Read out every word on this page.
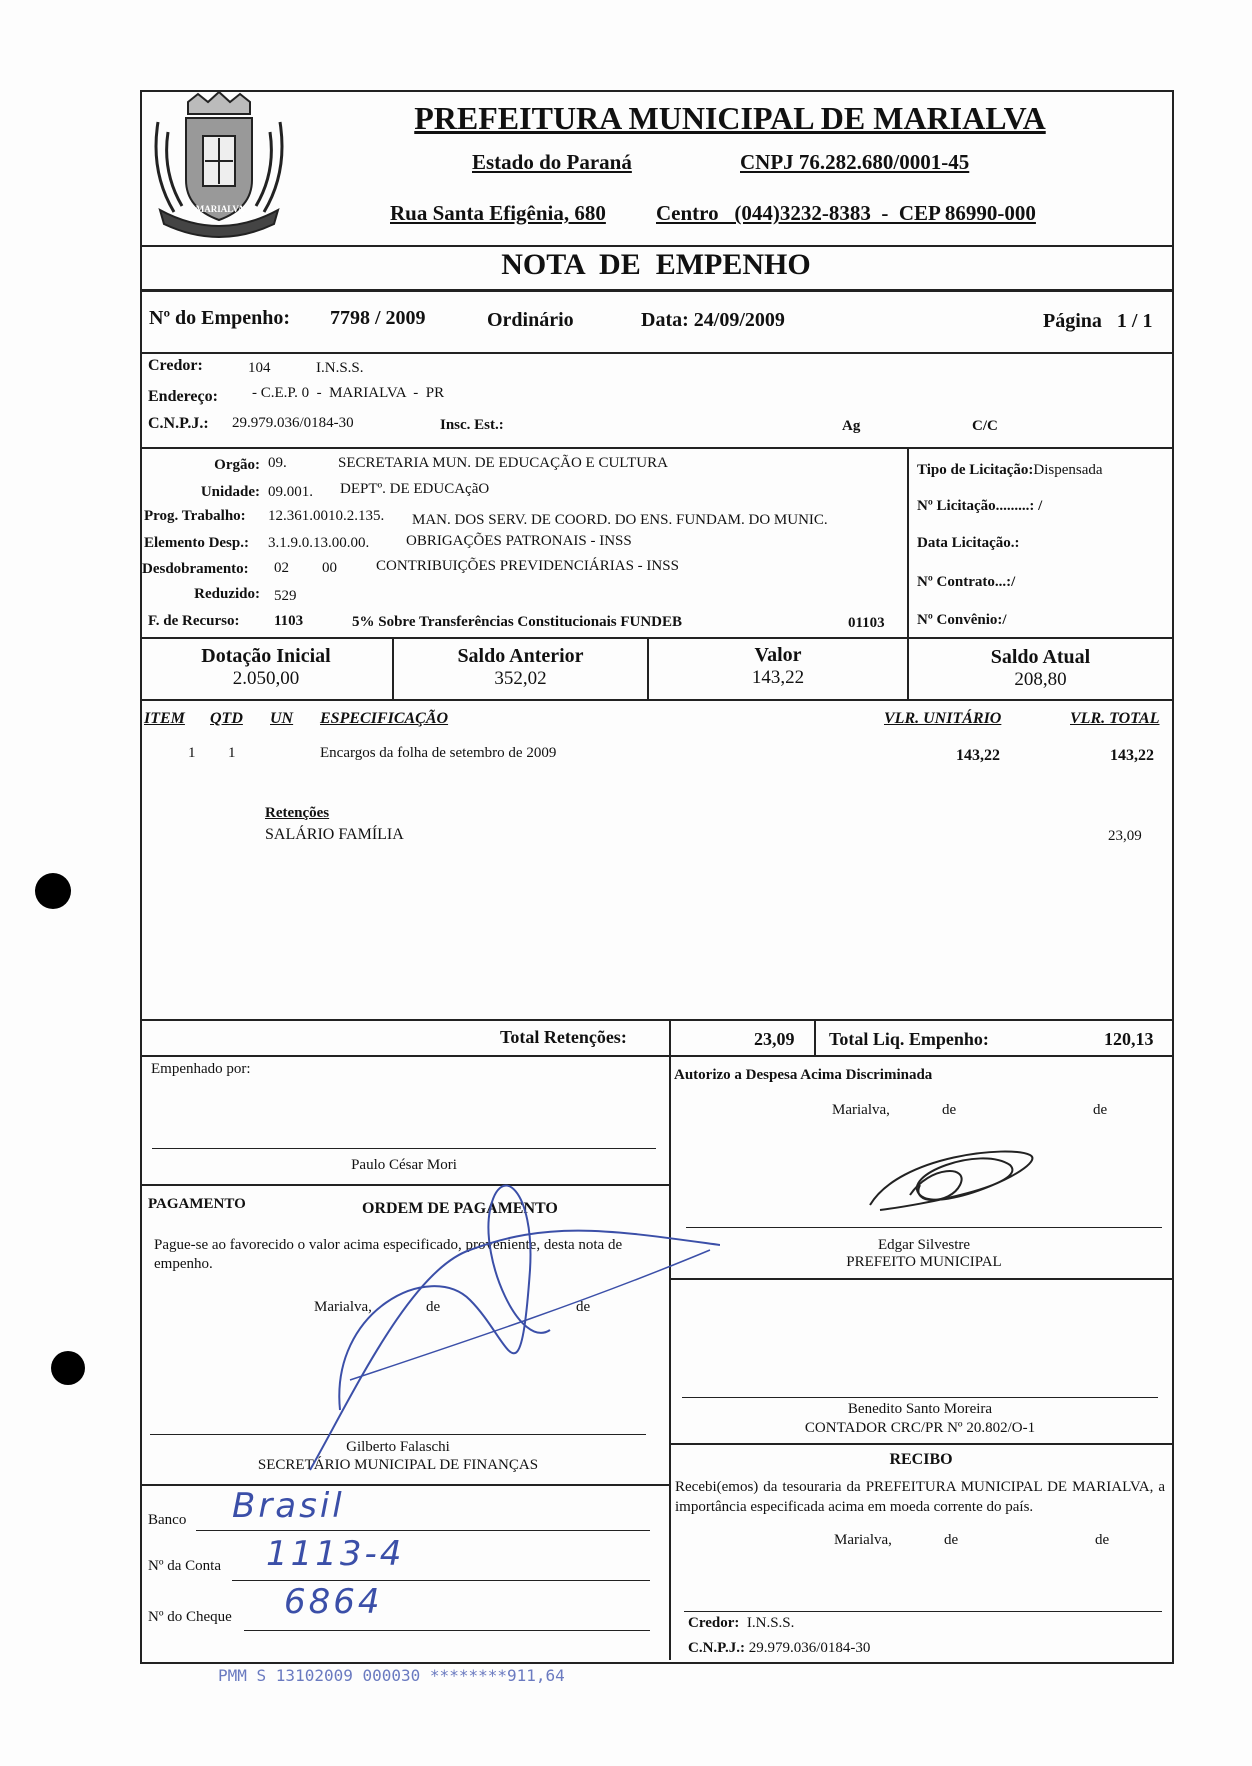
MARIALVA
PREFEITURA MUNICIPAL DE MARIALVA
Estado do Paraná	CNPJ 76.282.680/0001-45
Rua Santa Efigênia, 680 Centro   (044)3232-8383  -  CEP 86990-000
NOTA  DE  EMPENHO
Nº do Empenho: 7798 / 2009	Ordinário	Data: 24/09/2009	Página   1 / 1
Credor:	104	I.N.S.S.
Endereço: - C.E.P. 0  -  MARIALVA  -  PR
C.N.P.J.: 29.979.036/0184-30	Insc. Est.:	Ag	C/C
Orgão: 09.	SECRETARIA MUN. DE EDUCAÇÃO E CULTURA
Unidade: 09.001. DEPTº. DE EDUCAçãO
Prog. Trabalho: 12.361.0010.2.135. MAN. DOS SERV. DE COORD. DO ENS. FUNDAM. DO MUNIC.
Elemento Desp.: 3.1.9.0.13.00.00. OBRIGAÇÕES PATRONAIS - INSS
Desdobramento: 02 00	CONTRIBUIÇÕES PREVIDENCIÁRIAS - INSS
Reduzido: 529
F. de Recurso: 1103	5% Sobre Transferências Constitucionais FUNDEB	01103
Tipo de Licitação:Dispensada
Nº Licitação.........: /
Data Licitação.:
Nº Contrato...:/
Nº Convênio:/
Dotação Inicial
2.050,00
Saldo Anterior
352,02
Valor
143,22
Saldo Atual
208,80
ITEM QTD UN ESPECIFICAÇÃO	VLR. UNITÁRIO	VLR. TOTAL
1 1	Encargos da folha de setembro de 2009	143,22	143,22
Retenções
SALÁRIO FAMÍLIA	23,09
Total Retenções:	23,09 Total Liq. Empenho:	120,13
Empenhado por:
Paulo César Mori
Autorizo a Despesa Acima Discriminada
Marialva,	de	de
Edgar Silvestre
PREFEITO MUNICIPAL
PAGAMENTO	ORDEM DE PAGAMENTO
Pague-se ao favorecido o valor acima especificado, proveniente, desta nota de empenho.
Marialva,	de	de
Gilberto Falaschi
SECRETÁRIO MUNICIPAL DE FINANÇAS
Benedito Santo Moreira
CONTADOR CRC/PR Nº 20.802/O-1
Banco Brasil
Nº da Conta 1113-4
Nº do Cheque 6864
RECIBO
Recebi(emos) da tesouraria da PREFEITURA MUNICIPAL DE MARIALVA, a importância especificada acima em moeda corrente do país.
Marialva,	de	de
Credor: I.N.S.S.
C.N.P.J.: 29.979.036/0184-30
PMM S 13102009 000030 ********911,64
